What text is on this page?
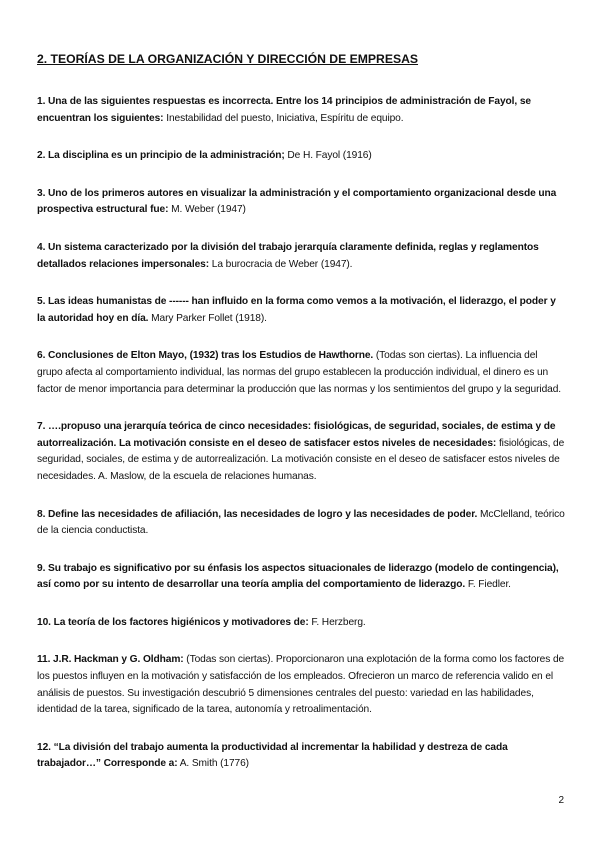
2. TEORÍAS DE LA ORGANIZACIÓN Y DIRECCIÓN DE EMPRESAS

1. Una de las siguientes respuestas es incorrecta. Entre los 14 principios de administración de Fayol, se encuentran los siguientes: Inestabilidad del puesto, Iniciativa, Espíritu de equipo.

2. La disciplina es un principio de la administración; De H. Fayol (1916)

3. Uno de los primeros autores en visualizar la administración y el comportamiento organizacional desde una prospectiva estructural fue: M. Weber (1947)

4. Un sistema caracterizado por la división del trabajo jerarquía claramente definida, reglas y reglamentos detallados relaciones impersonales: La burocracia de Weber (1947).

5. Las ideas humanistas de ------ han influido en la forma como vemos a la motivación, el liderazgo, el poder y la autoridad hoy en día. Mary Parker Follet (1918).

6. Conclusiones de Elton Mayo, (1932) tras los Estudios de Hawthorne. (Todas son ciertas). La influencia del grupo afecta al comportamiento individual, las normas del grupo establecen la producción individual, el dinero es un factor de menor importancia para determinar la producción que las normas y los sentimientos del grupo y la seguridad.

7. ….propuso una jerarquía teórica de cinco necesidades: fisiológicas, de seguridad, sociales, de estima y de autorrealización. La motivación consiste en el deseo de satisfacer estos niveles de necesidades: fisiológicas, de seguridad, sociales, de estima y de autorrealización. La motivación consiste en el deseo de satisfacer estos niveles de necesidades. A. Maslow, de la escuela de relaciones humanas.

8. Define las necesidades de afiliación, las necesidades de logro y las necesidades de poder. McClelland, teórico de la ciencia conductista.

9. Su trabajo es significativo por su énfasis los aspectos situacionales de liderazgo (modelo de contingencia), así como por su intento de desarrollar una teoría amplia del comportamiento de liderazgo. F. Fiedler.

10. La teoría de los factores higiénicos y motivadores de: F. Herzberg.

11. J.R. Hackman y G. Oldham: (Todas son ciertas). Proporcionaron una explotación de la forma como los factores de los puestos influyen en la motivación y satisfacción de los empleados. Ofrecieron un marco de referencia valido en el análisis de puestos. Su investigación descubrió 5 dimensiones centrales del puesto: variedad en las habilidades, identidad de la tarea, significado de la tarea, autonomía y retroalimentación.

12. “La división del trabajo aumenta la productividad al incrementar la habilidad y destreza de cada trabajador…” Corresponde a: A. Smith (1776)

2
